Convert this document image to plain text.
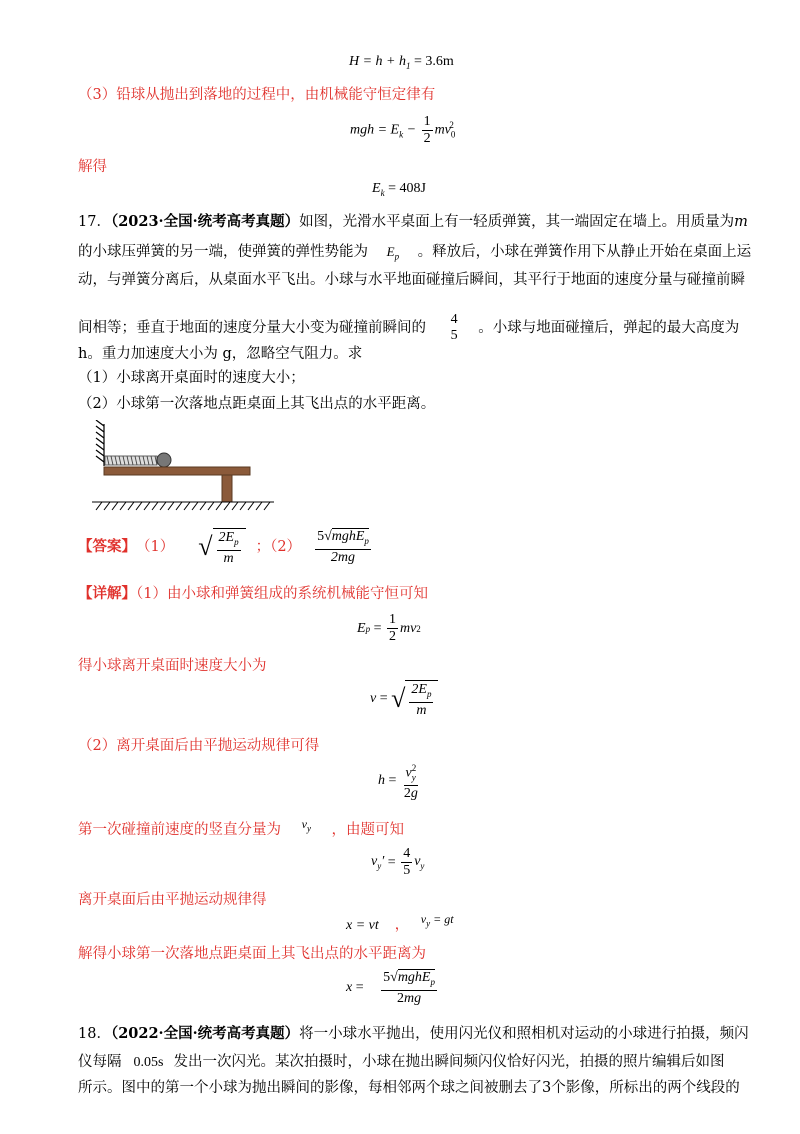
$H = h + h_1 = 3.6m$
（3）铅球从抛出到落地的过程中，由机械能守恒定律有
mgh = $E_k - \frac{1}{2} mv_0^2$
解得
$E_k = 408J$
17．（2023·全国·统考高考真题）如图，光滑水平桌面上有一轻质弹簧，其一端固定在墙上。用质量为m
的小球压弹簧的另一端，使弹簧的弹性势能为 $E_p$ 。释放后，小球在弹簧作用下从静止开始在桌面上运
动，与弹簧分离后，从桌面水平飞出。小球与水平地面碰撞后瞬间，其平行于地面的速度分量与碰撞前瞬
间相等；垂直于地面的速度分量大小变为碰撞前瞬间的
4
5 。小球与地面碰撞后，弹起的最大高度为
h。重力加速度大小为 g，忽略空气阻力。求
（1）小球离开桌面时的速度大小；
（2）小球第一次落地点距桌面上其飞出点的水平距离。
【答案】 （1） √ $\frac{2E_p}{m}$ ；$(2) \frac{5√mghE_p}{2mg}$
【详解】（1）由小球和弹簧组成的系统机械能守恒可知
E $p = \frac{1}{2}$ mv 2
得小球离开桌面时速度大小为
v = √ $\frac{2E_p}{m}$
（2）离开桌面后由平抛运动规律可得
$h = \frac{v_y^2}{2g}$
第一次碰撞前速度的竖直分量为 $^{v_y}$ ，由题可知
$v_y' = \frac{4}{5} v_y$
离开桌面后由平抛运动规律得
x = vt ， $v_y$ = gt
解得小球第一次落地点距桌面上其飞出点的水平距离为
$x = \frac{5√mghE_p}{2mg}$
18．（2022·全国·统考高考真题）将一小球水平抛出，使用闪光仪和照相机对运动的小球进行拍摄，频闪
仪每隔 0.05s 发出一次闪光。某次拍摄时，小球在抛出瞬间频闪仪恰好闪光，拍摄的照片编辑后如图
所示。图中的第一个小球为抛出瞬间的影像，每相邻两个球之间被删去了3个影像，所标出的两个线段的
